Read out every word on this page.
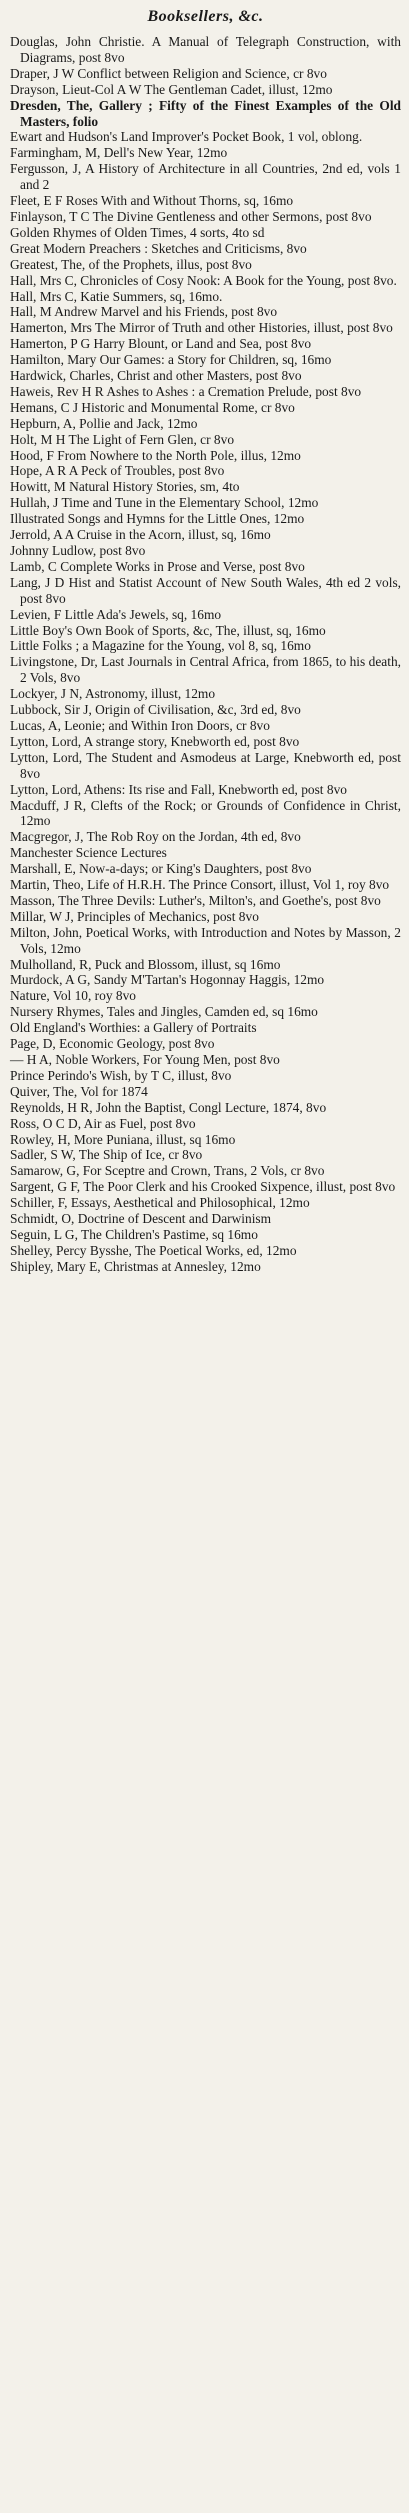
Booksellers, &c.
Douglas, John Christie. A Manual of Telegraph Construction, with Diagrams, post 8vo
Draper, J W Conflict between Religion and Science, cr 8vo
Drayson, Lieut-Col A W The Gentleman Cadet, illust, 12mo
Dresden, The, Gallery ; Fifty of the Finest Examples of the Old Masters, folio
Ewart and Hudson's Land Improver's Pocket Book, 1 vol, oblong.
Farmingham, M, Dell's New Year, 12mo
Fergusson, J, A History of Architecture in all Countries, 2nd ed, vols 1 and 2
Fleet, E F Roses With and Without Thorns, sq, 16mo
Finlayson, T C The Divine Gentleness and other Sermons, post 8vo
Golden Rhymes of Olden Times, 4 sorts, 4to sd
Great Modern Preachers : Sketches and Criticisms, 8vo
Greatest, The, of the Prophets, illus, post 8vo
Hall, Mrs C, Chronicles of Cosy Nook: A Book for the Young, post 8vo.
Hall, Mrs C, Katie Summers, sq, 16mo.
Hall, M Andrew Marvel and his Friends, post 8vo
Hamerton, Mrs The Mirror of Truth and other Histories, illust, post 8vo
Hamerton, P G Harry Blount, or Land and Sea, post 8vo
Hamilton, Mary Our Games: a Story for Children, sq, 16mo
Hardwick, Charles, Christ and other Masters, post 8vo
Haweis, Rev H R Ashes to Ashes : a Cremation Prelude, post 8vo
Hemans, C J Historic and Monumental Rome, cr 8vo
Hepburn, A, Pollie and Jack, 12mo
Holt, M H The Light of Fern Glen, cr 8vo
Hood, F From Nowhere to the North Pole, illus, 12mo
Hope, A R A Peck of Troubles, post 8vo
Howitt, M Natural History Stories, sm, 4to
Hullah, J Time and Tune in the Elementary School, 12mo
Illustrated Songs and Hymns for the Little Ones, 12mo
Jerrold, A A Cruise in the Acorn, illust, sq, 16mo
Johnny Ludlow, post 8vo
Lamb, C Complete Works in Prose and Verse, post 8vo
Lang, J D Hist and Statist Account of New South Wales, 4th ed 2 vols, post 8vo
Levien, F Little Ada's Jewels, sq, 16mo
Little Boy's Own Book of Sports, &c, The, illust, sq, 16mo
Little Folks ; a Magazine for the Young, vol 8, sq, 16mo
Livingstone, Dr, Last Journals in Central Africa, from 1865, to his death, 2 Vols, 8vo
Lockyer, J N, Astronomy, illust, 12mo
Lubbock, Sir J, Origin of Civilisation, &c, 3rd ed, 8vo
Lucas, A, Leonie; and Within Iron Doors, cr 8vo
Lytton, Lord, A strange story, Knebworth ed, post 8vo
Lytton, Lord, The Student and Asmodeus at Large, Knebworth ed, post 8vo
Lytton, Lord, Athens: Its rise and Fall, Knebworth ed, post 8vo
Macduff, J R, Clefts of the Rock; or Grounds of Confidence in Christ, 12mo
Macgregor, J, The Rob Roy on the Jordan, 4th ed, 8vo
Manchester Science Lectures
Marshall, E, Now-a-days; or King's Daughters, post 8vo
Martin, Theo, Life of H.R.H. The Prince Consort, illust, Vol 1, roy 8vo
Masson, The Three Devils: Luther's, Milton's, and Goethe's, post 8vo
Millar, W J, Principles of Mechanics, post 8vo
Milton, John, Poetical Works, with Introduction and Notes by Masson, 2 Vols, 12mo
Mulholland, R, Puck and Blossom, illust, sq 16mo
Murdock, A G, Sandy M'Tartan's Hogonnay Haggis, 12mo
Nature, Vol 10, roy 8vo
Nursery Rhymes, Tales and Jingles, Camden ed, sq 16mo
Old England's Worthies: a Gallery of Portraits
Page, D, Economic Geology, post 8vo
— H A, Noble Workers, For Young Men, post 8vo
Prince Perindo's Wish, by T C, illust, 8vo
Quiver, The, Vol for 1874
Reynolds, H R, John the Baptist, Congl Lecture, 1874, 8vo
Ross, O C D, Air as Fuel, post 8vo
Rowley, H, More Puniana, illust, sq 16mo
Sadler, S W, The Ship of Ice, cr 8vo
Samarow, G, For Sceptre and Crown, Trans, 2 Vols, cr 8vo
Sargent, G F, The Poor Clerk and his Crooked Sixpence, illust, post 8vo
Schiller, F, Essays, Aesthetical and Philosophical, 12mo
Schmidt, O, Doctrine of Descent and Darwinism
Seguin, L G, The Children's Pastime, sq 16mo
Shelley, Percy Bysshe, The Poetical Works, ed, 12mo
Shipley, Mary E, Christmas at Annesley, 12mo
